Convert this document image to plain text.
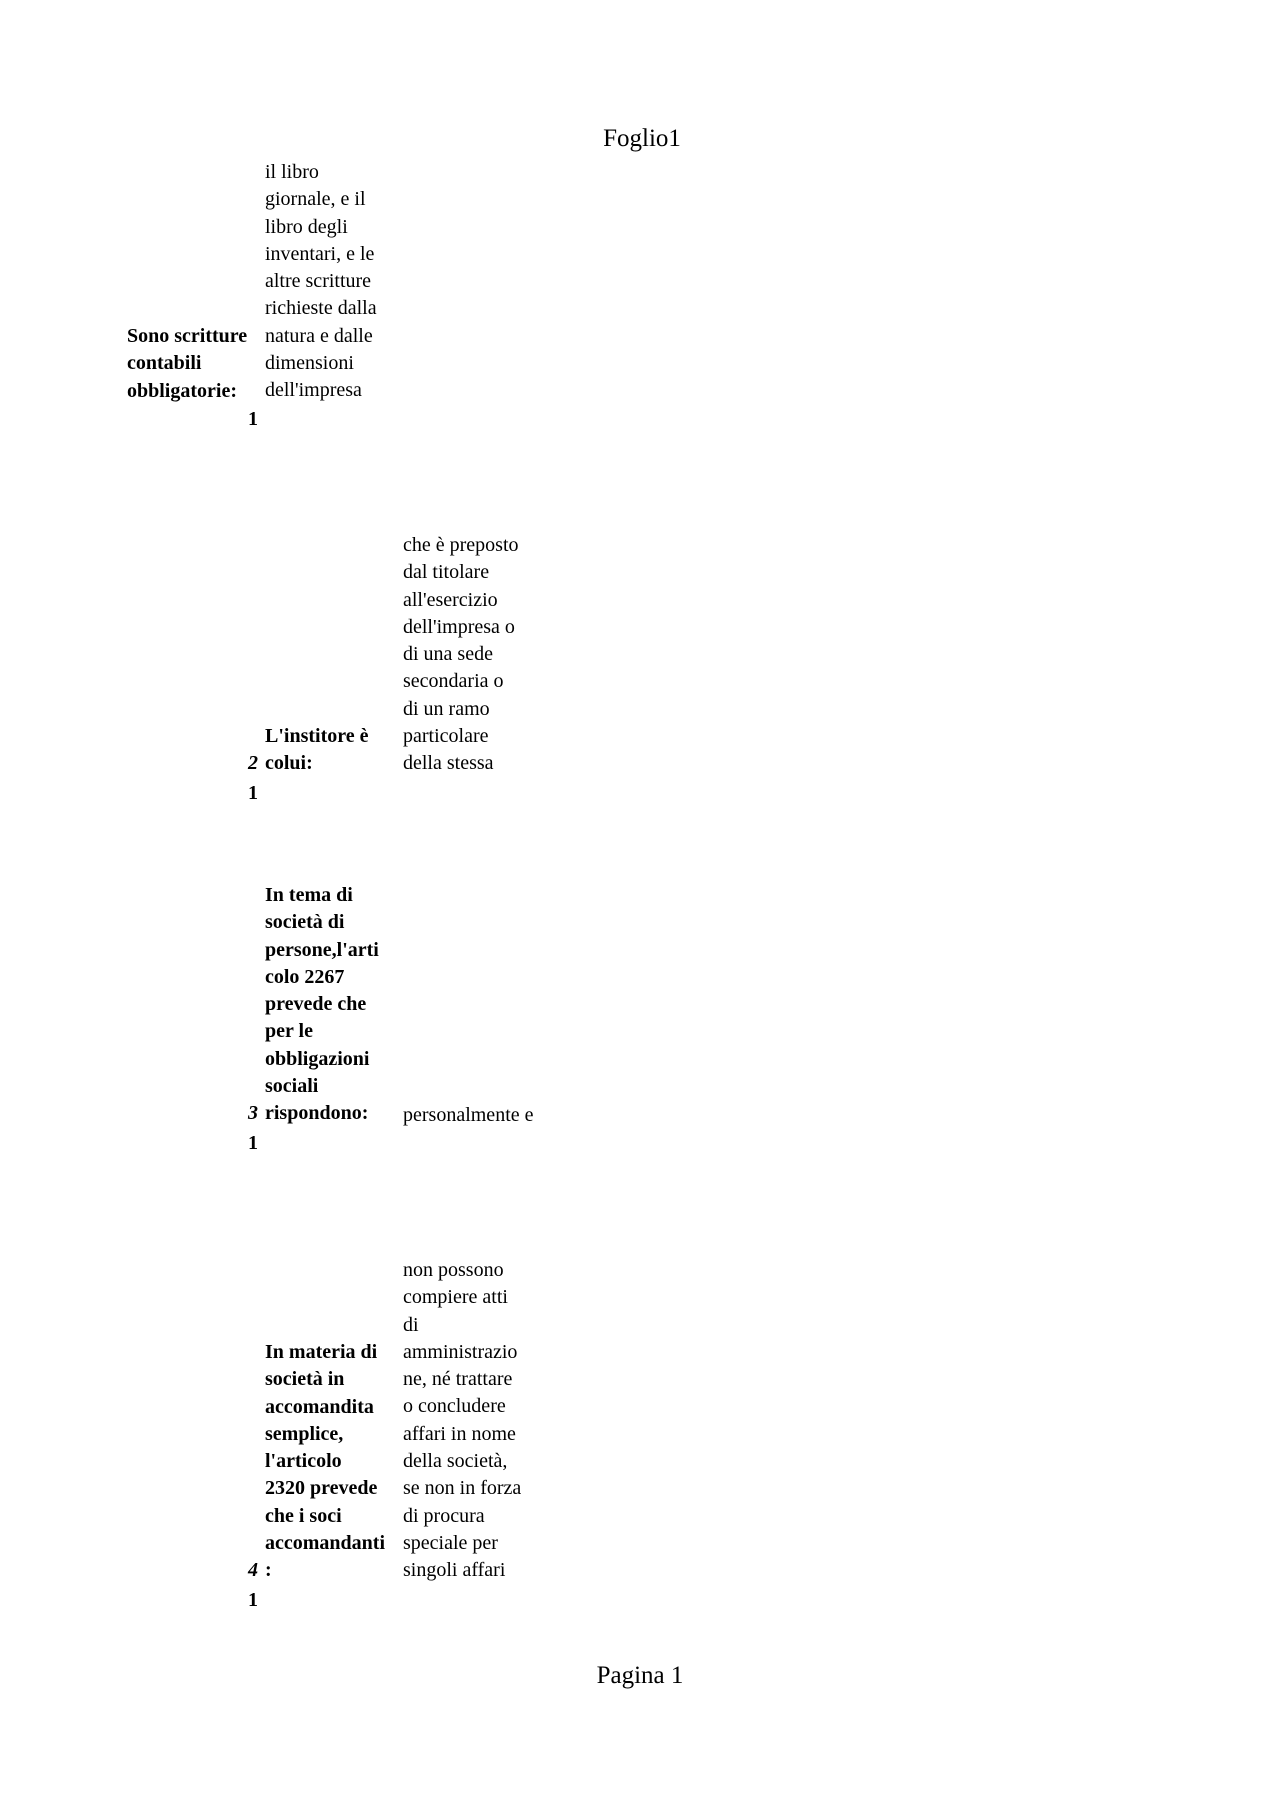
Foglio1
Sono scritture
contabili
obbligatorie:
il libro
giornale, e il
libro degli
inventari, e le
altre scritture
richieste dalla
natura e dalle
dimensioni
dell'impresa
1
2
L'institore è
colui:
che è preposto
dal titolare
all'esercizio
dell'impresa o
di una sede
secondaria o
di un ramo
particolare
della stessa
1
In tema di
società di
persone,l'arti
colo 2267
prevede che
per le
obbligazioni
sociali
rispondono:
3	personalmente e
1
In materia di
società in
accomandita
semplice,
l'articolo
2320 prevede
che i soci
accomandanti
:
4
non possono
compiere atti
di
amministrazio
ne, né trattare
o concludere
affari in nome
della società,
se non in forza
di procura
speciale per
singoli affari
1
Pagina 1
